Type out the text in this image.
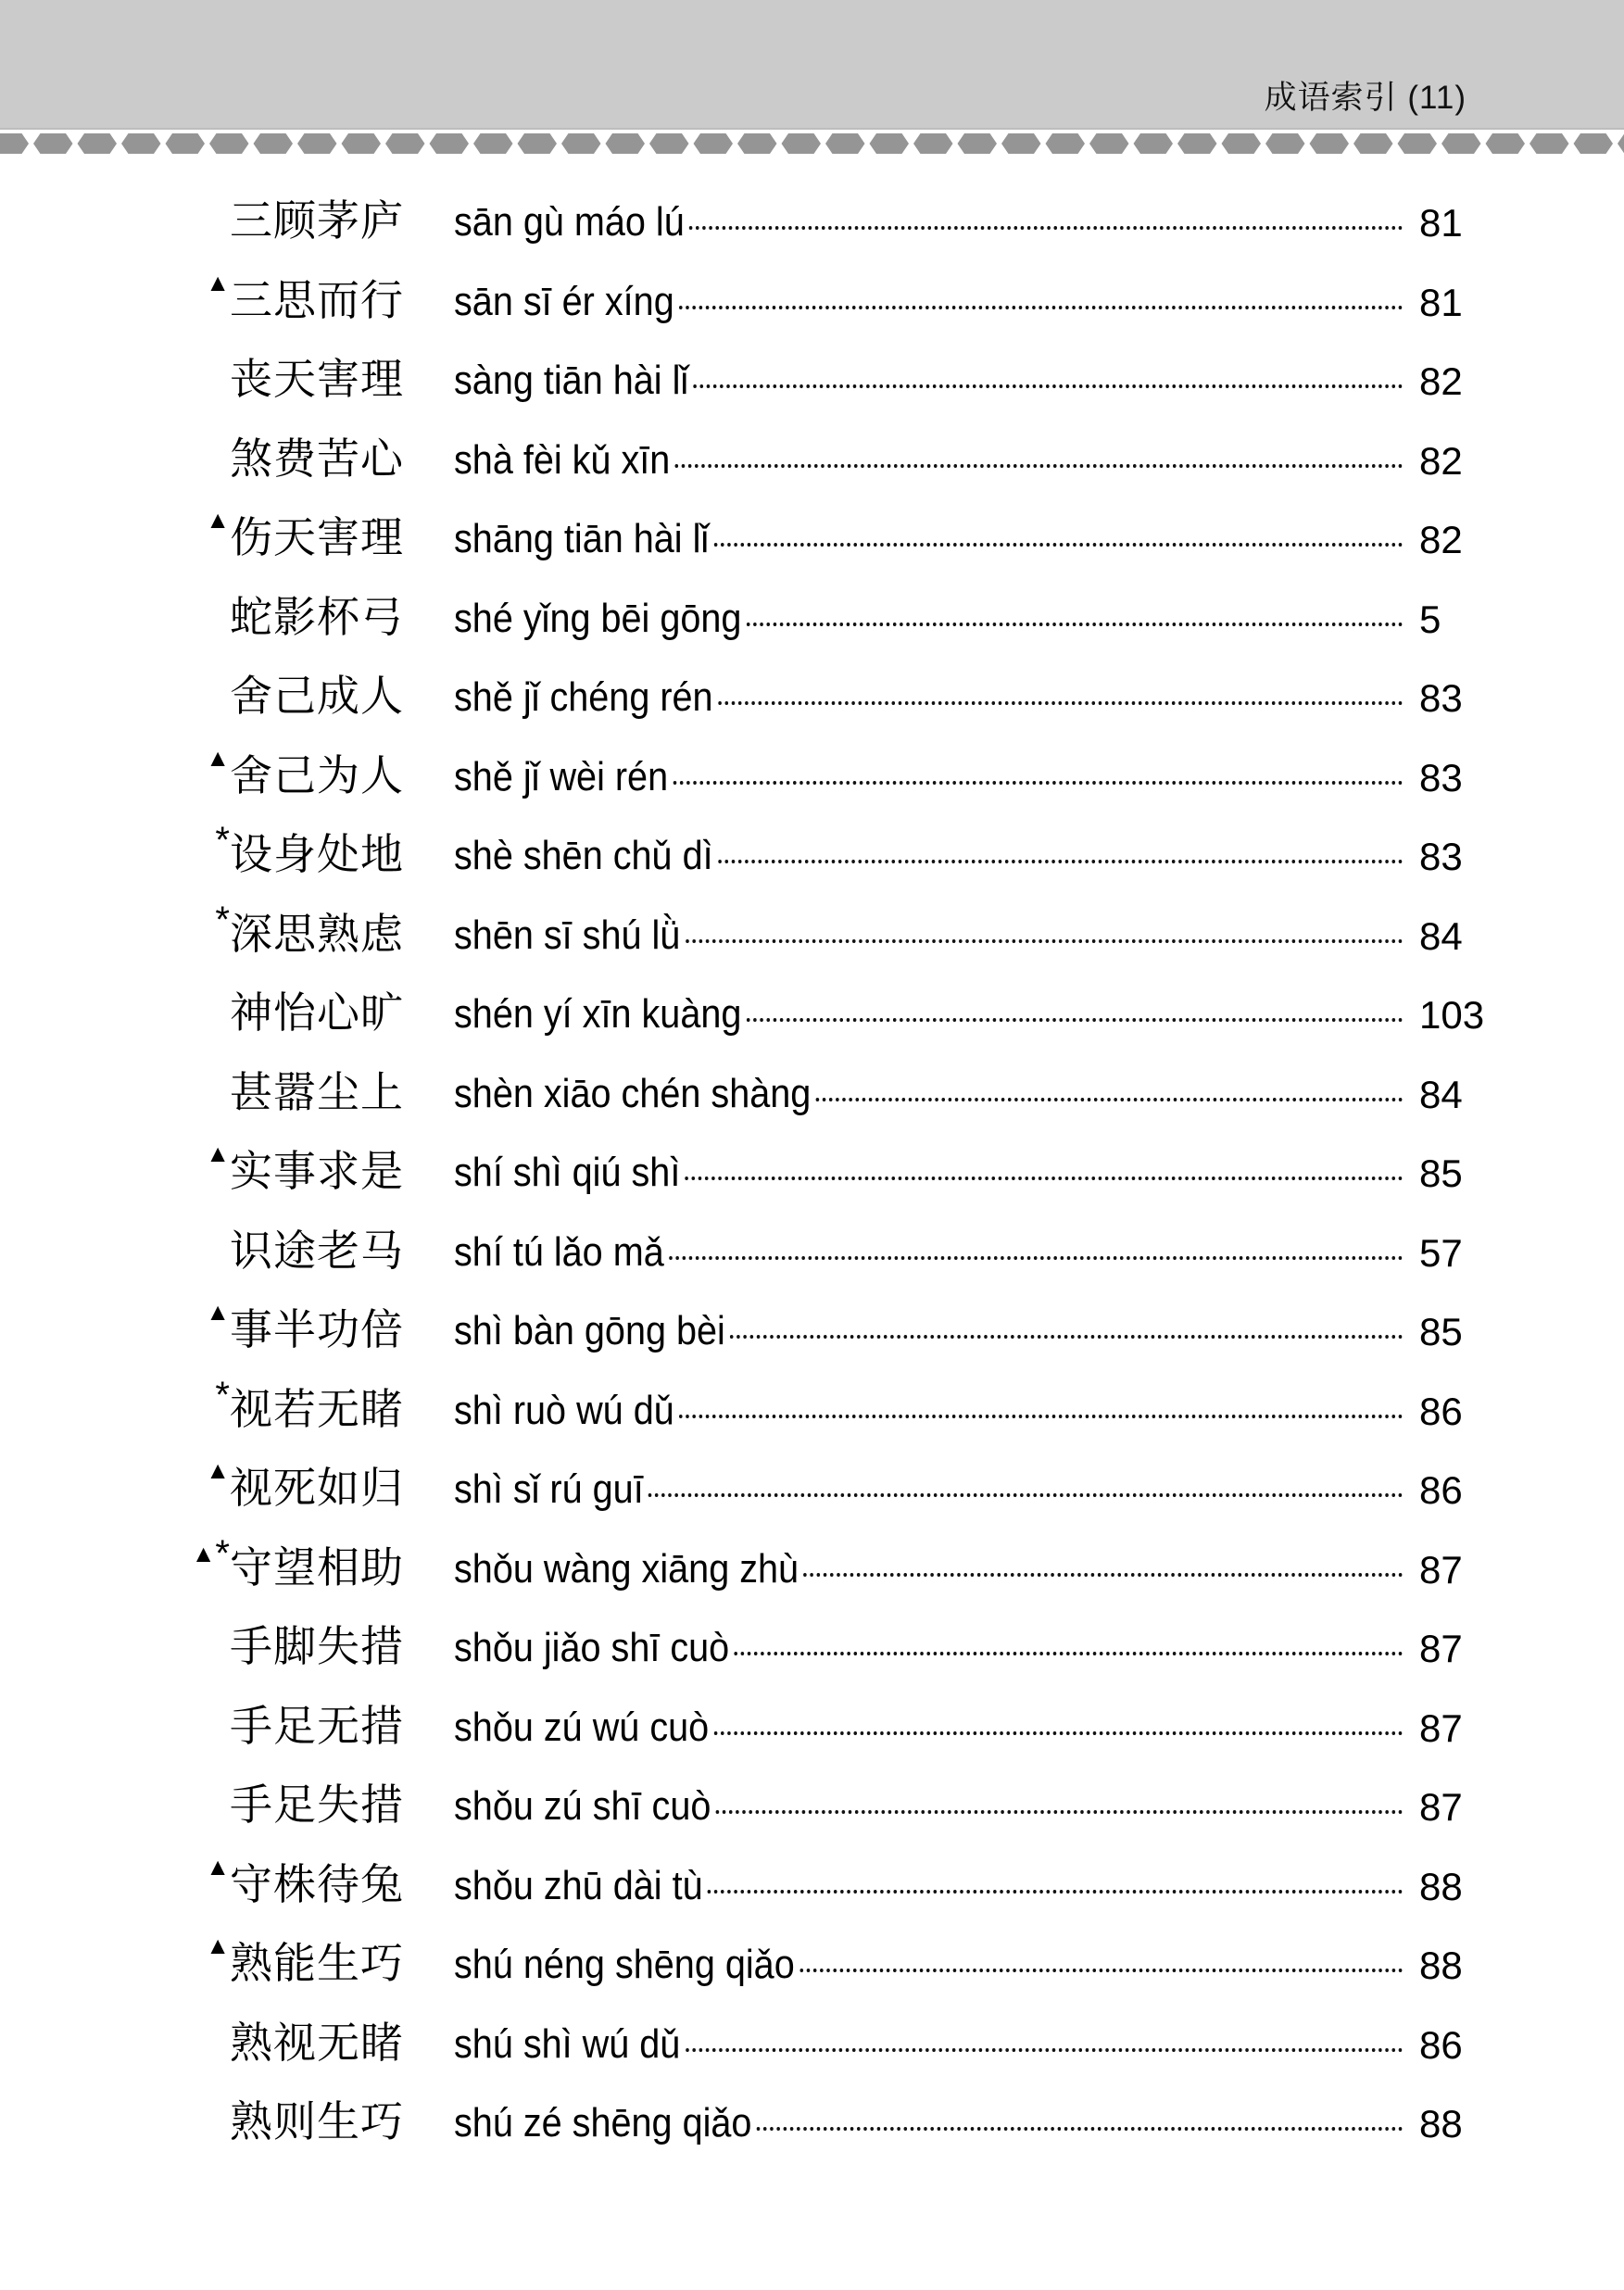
成语索引 (11)
三顾茅庐 sān gù máo lú	81
▲ 三思而行 sān sī ér xíng	81
丧天害理 sàng tiān hài lǐ	82
煞费苦心 shà fèi kǔ xīn	82
▲ 伤天害理 shāng tiān hài lǐ	82
蛇影杯弓 shé yǐng bēi gōng	5
舍己成人 shě jǐ chéng rén	83
▲ 舍己为人 shě jǐ wèi rén	83
* 设身处地 shè shēn chǔ dì	83
* 深思熟虑 shēn sī shú lǜ	84
神怡心旷 shén yí xīn kuàng	103
甚嚣尘上 shèn xiāo chén shàng	84
▲ 实事求是 shí shì qiú shì	85
识途老马 shí tú lǎo mǎ	57
▲ 事半功倍 shì bàn gōng bèi	85
* 视若无睹 shì ruò wú dǔ	86
▲ 视死如归 shì sǐ rú guī	86
▲* 守望相助 shǒu wàng xiāng zhù	87
手脚失措 shǒu jiǎo shī cuò	87
手足无措 shǒu zú wú cuò	87
手足失措 shǒu zú shī cuò	87
▲ 守株待兔 shǒu zhū dài tù	88
▲ 熟能生巧 shú néng shēng qiǎo	88
熟视无睹 shú shì wú dǔ	86
熟则生巧 shú zé shēng qiǎo	88
